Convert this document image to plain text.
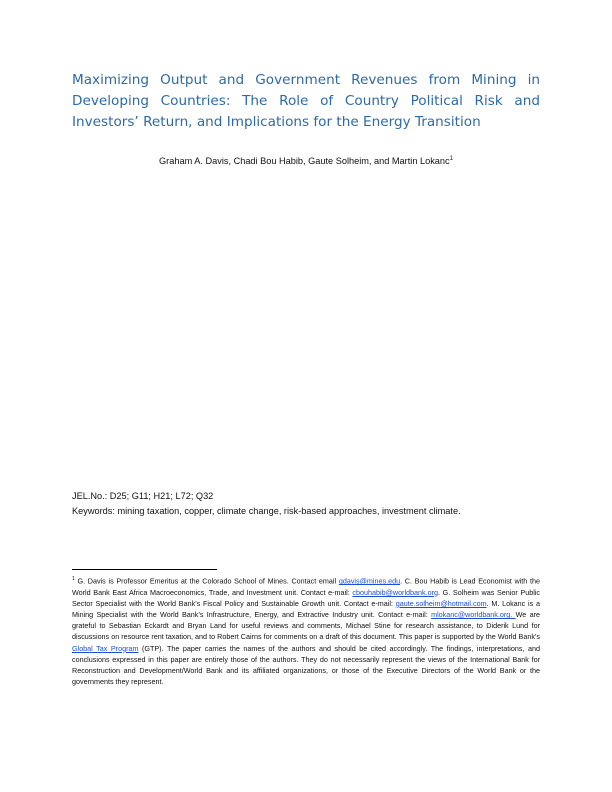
Maximizing Output and Government Revenues from Mining in Developing Countries: The Role of Country Political Risk and Investors’ Return, and Implications for the Energy Transition
Graham A. Davis, Chadi Bou Habib, Gaute Solheim, and Martin Lokanc$^1$
JEL.No.: D25; G11; H21; L72; Q32
Keywords: mining taxation, copper, climate change, risk-based approaches, investment climate.

$^1$ G. Davis is Professor Emeritus at the Colorado School of Mines. Contact email gdavis@mines.edu. C. Bou Habib is Lead Economist with the World Bank East Africa Macroeconomics, Trade, and Investment unit. Contact e-mail: cbouhabib@worldbank.org. G. Solheim was Senior Public Sector Specialist with the World Bank’s Fiscal Policy and Sustainable Growth unit. Contact e-mail: gaute.solheim@hotmail.com. M. Lokanc is a Mining Specialist with the World Bank’s Infrastructure, Energy, and Extractive Industry unit. Contact e-mail: mlokanc@worldbank.org. We are grateful to Sebastian Eckardt and Bryan Land for useful reviews and comments, Michael Stine for research assistance, to Diderik Lund for discussions on resource rent taxation, and to Robert Cairns for comments on a draft of this document. This paper is supported by the World Bank’s Global Tax Program (GTP). The paper carries the names of the authors and should be cited accordingly. The findings, interpretations, and conclusions expressed in this paper are entirely those of the authors. They do not necessarily represent the views of the International Bank for Reconstruction and Development/World Bank and its affiliated organizations, or those of the Executive Directors of the World Bank or the governments they represent.
